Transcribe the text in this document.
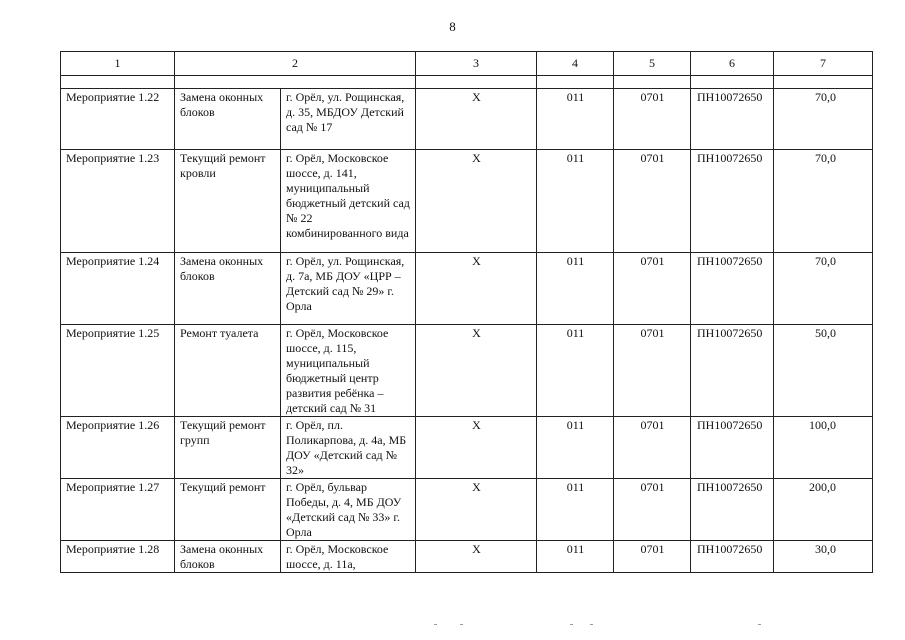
8
1	2		3	4	5	6	7

Мероприятие 1.22	Замена оконных блоков	г. Орёл, ул. Рощинская, д. 35, МБДОУ Детский сад № 17	Х	011	0701	ПН10072650	70,0
Мероприятие 1.23	Текущий ремонт кровли	г. Орёл, Московское шоссе, д. 141, муниципальный бюджетный детский сад № 22 комбинированного вида	Х	011	0701	ПН10072650	70,0
Мероприятие 1.24	Замена оконных блоков	г. Орёл, ул. Рощинская, д. 7а, МБ ДОУ «ЦРР – Детский сад № 29» г. Орла	Х	011	0701	ПН10072650	70,0
Мероприятие 1.25	Ремонт туалета	г. Орёл, Московское шоссе, д. 115, муниципальный бюджетный центр развития ребёнка – детский сад № 31	Х	011	0701	ПН10072650	50,0
Мероприятие 1.26	Текущий ремонт групп	г. Орёл, пл. Поликарпова, д. 4а, МБ ДОУ «Детский сад № 32»	Х	011	0701	ПН10072650	100,0
Мероприятие 1.27	Текущий ремонт	г. Орёл, бульвар Победы, д. 4, МБ ДОУ «Детский сад № 33» г. Орла	Х	011	0701	ПН10072650	200,0
Мероприятие 1.28	Замена оконных блоков	г. Орёл, Московское шоссе, д. 11а,	Х	011	0701	ПН10072650	30,0
